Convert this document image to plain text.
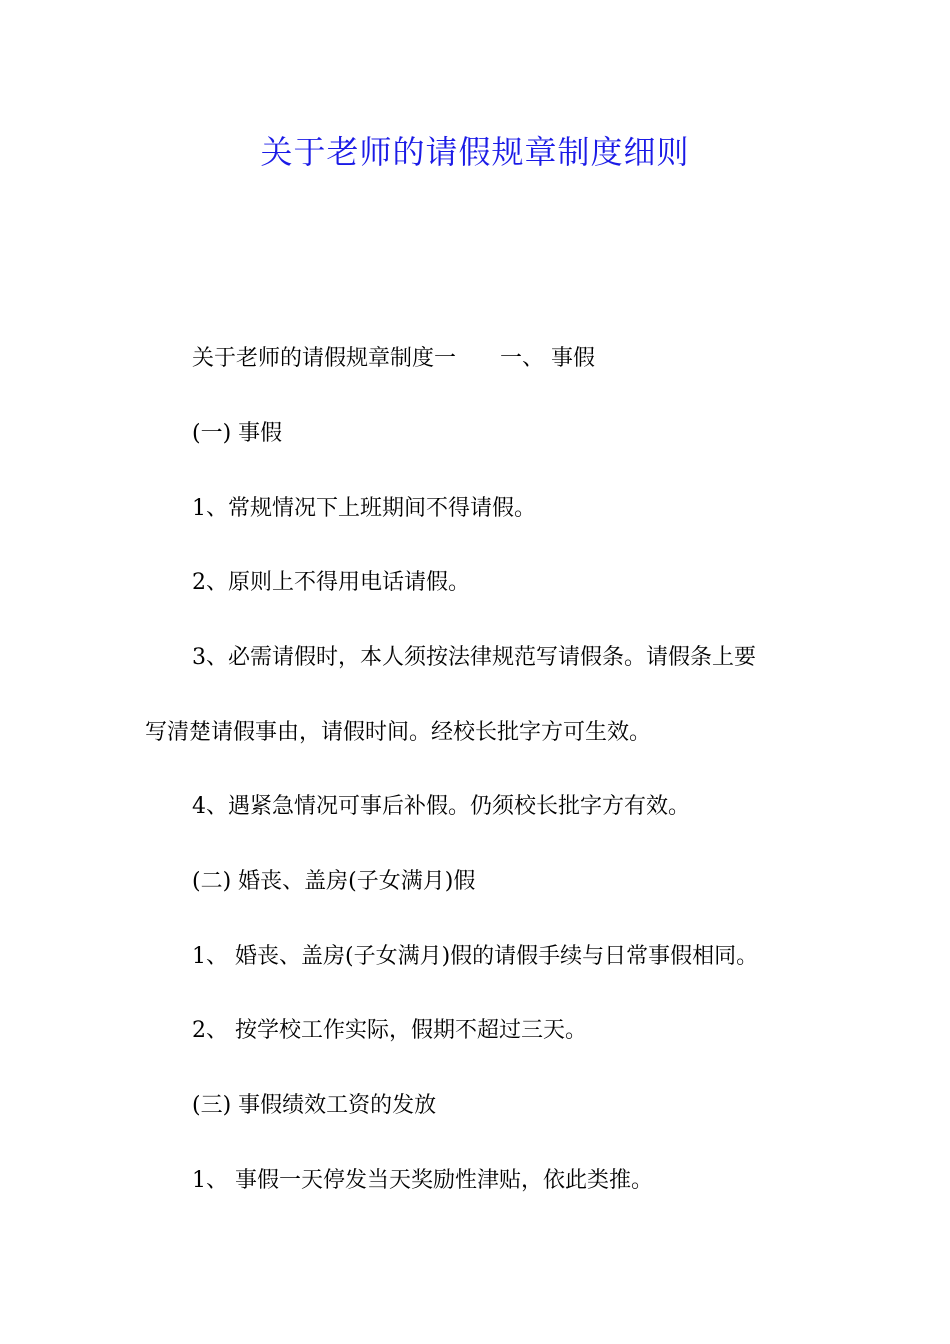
关于老师的请假规章制度细则
关于老师的请假规章制度一　　一、 事假
(一) 事假
1、常规情况下上班期间不得请假。
2、原则上不得用电话请假。
3、必需请假时，本人须按法律规范写请假条。请假条上要
写清楚请假事由，请假时间。经校长批字方可生效。
4、遇紧急情况可事后补假。仍须校长批字方有效。
(二) 婚丧、盖房(子女满月)假
1、 婚丧、盖房(子女满月)假的请假手续与日常事假相同。
2、 按学校工作实际，假期不超过三天。
(三) 事假绩效工资的发放
1、 事假一天停发当天奖励性津贴，依此类推。
